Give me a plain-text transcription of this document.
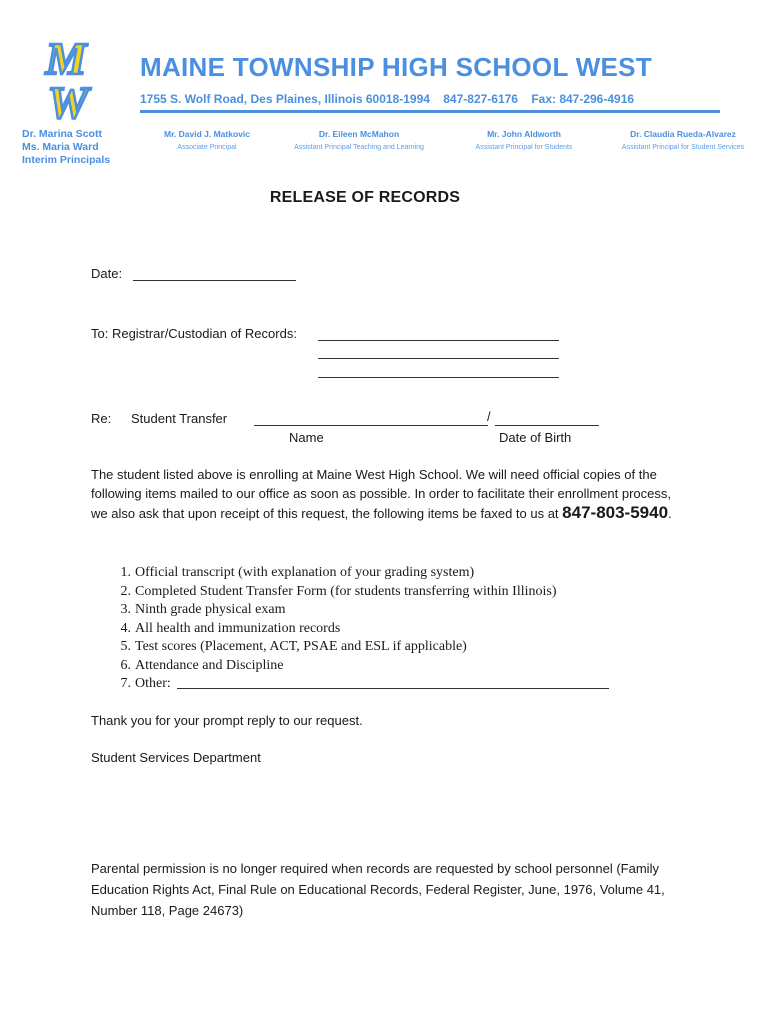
M
W
MAINE TOWNSHIP HIGH SCHOOL WEST
1755 S. Wolf Road, Des Plaines, Illinois 60018-1994    847-827-6176    Fax: 847-296-4916
Dr. Marina Scott
Ms. Maria Ward
Interim Principals
Mr. David J. Matkovic
Associate Principal
Dr. Eileen McMahon
Assistant Principal Teaching and Learning
Mr. John Aldworth
Assistant Principal for Students
Dr. Claudia Rueda-Alvarez
Assistant Principal for Student Services
RELEASE OF RECORDS
Date:
To: Registrar/Custodian of Records:
Re: Student Transfer	/
Name	Date of Birth
The student listed above is enrolling at Maine West High School. We will need official copies of the following items mailed to our office as soon as possible. In order to facilitate their enrollment process, we also ask that upon receipt of this request, the following items be faxed to us at 847-803-5940.
1. Official transcript (with explanation of your grading system)
2. Completed Student Transfer Form (for students transferring within Illinois)
3. Ninth grade physical exam
4. All health and immunization records
5. Test scores (Placement, ACT, PSAE and ESL if applicable)
6. Attendance and Discipline
7. Other:
Thank you for your prompt reply to our request.
Student Services Department
Parental permission is no longer required when records are requested by school personnel (Family Education Rights Act, Final Rule on Educational Records, Federal Register, June, 1976, Volume 41, Number 118, Page 24673)
